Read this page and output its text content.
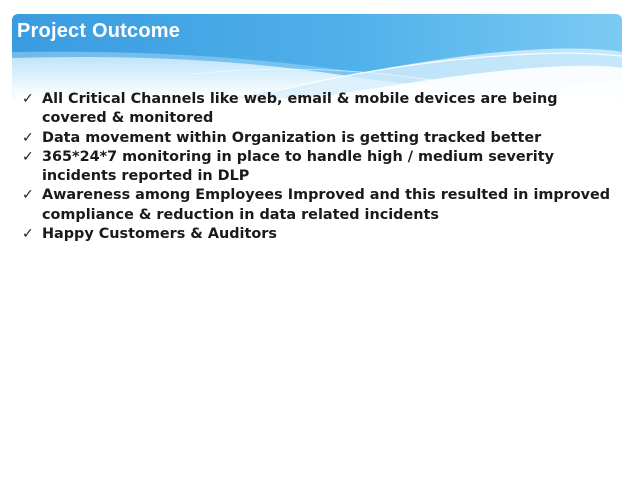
Project Outcome
✓ All Critical Channels like web, email & mobile devices are being covered & monitored
✓ Data movement within Organization is getting tracked better
✓ 365*24*7 monitoring in place to handle high / medium severity incidents reported in DLP
✓ Awareness among Employees Improved and this resulted in improved compliance & reduction in data related incidents
✓ Happy Customers & Auditors
